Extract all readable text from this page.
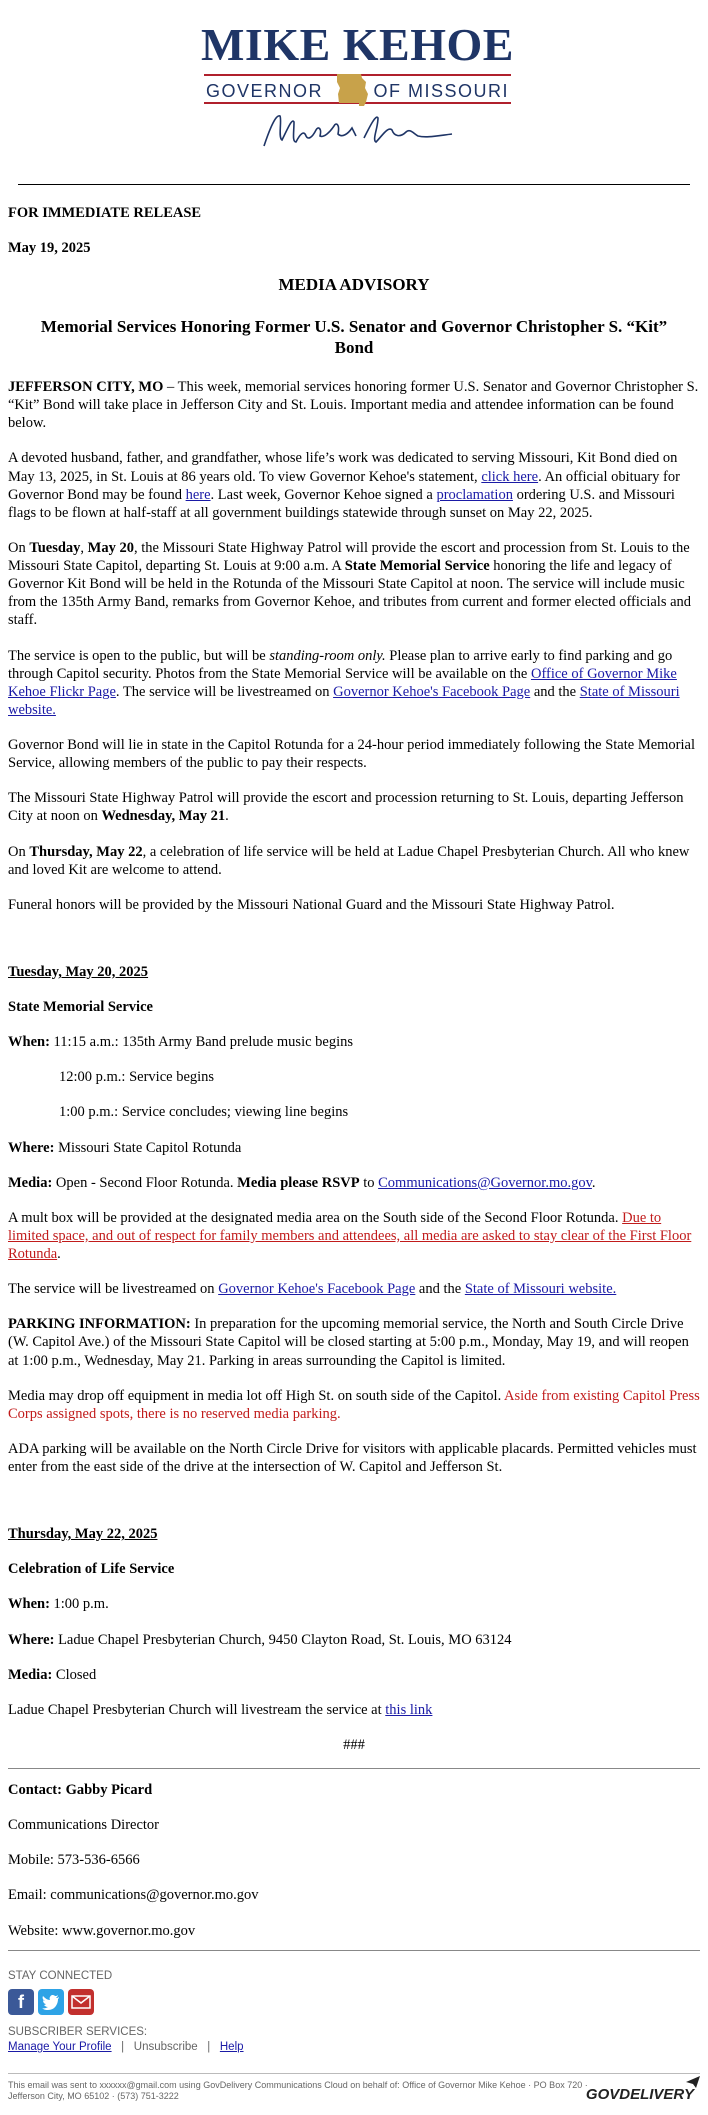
MIKE KEHOE
GOVERNOR	OF MISSOURI

FOR IMMEDIATE RELEASE

May 19, 2025

MEDIA ADVISORY
Memorial Services Honoring Former U.S. Senator and Governor Christopher S. “Kit” Bond

JEFFERSON CITY, MO – This week, memorial services honoring former U.S. Senator and Governor Christopher S. “Kit” Bond will take place in Jefferson City and St. Louis. Important media and attendee information can be found below.

A devoted husband, father, and grandfather, whose life’s work was dedicated to serving Missouri, Kit Bond died on May 13, 2025, in St. Louis at 86 years old. To view Governor Kehoe's statement, click here. An official obituary for Governor Bond may be found here. Last week, Governor Kehoe signed a proclamation ordering U.S. and Missouri flags to be flown at half-staff at all government buildings statewide through sunset on May 22, 2025.

On Tuesday, May 20, the Missouri State Highway Patrol will provide the escort and procession from St. Louis to the Missouri State Capitol, departing St. Louis at 9:00 a.m. A State Memorial Service honoring the life and legacy of Governor Kit Bond will be held in the Rotunda of the Missouri State Capitol at noon. The service will include music from the 135th Army Band, remarks from Governor Kehoe, and tributes from current and former elected officials and staff.

The service is open to the public, but will be standing-room only. Please plan to arrive early to find parking and go through Capitol security. Photos from the State Memorial Service will be available on the Office of Governor Mike Kehoe Flickr Page. The service will be livestreamed on Governor Kehoe's Facebook Page and the State of Missouri website.

Governor Bond will lie in state in the Capitol Rotunda for a 24-hour period immediately following the State Memorial Service, allowing members of the public to pay their respects.

The Missouri State Highway Patrol will provide the escort and procession returning to St. Louis, departing Jefferson City at noon on Wednesday, May 21.

On Thursday, May 22, a celebration of life service will be held at Ladue Chapel Presbyterian Church. All who knew and loved Kit are welcome to attend.

Funeral honors will be provided by the Missouri National Guard and the Missouri State Highway Patrol.

Tuesday, May 20, 2025

State Memorial Service

When: 11:15 a.m.: 135th Army Band prelude music begins

12:00 p.m.: Service begins

1:00 p.m.: Service concludes; viewing line begins

Where: Missouri State Capitol Rotunda

Media: Open - Second Floor Rotunda. Media please RSVP to Communications@Governor.mo.gov.

A mult box will be provided at the designated media area on the South side of the Second Floor Rotunda. Due to limited space, and out of respect for family members and attendees, all media are asked to stay clear of the First Floor Rotunda.

The service will be livestreamed on Governor Kehoe's Facebook Page and the State of Missouri website.

PARKING INFORMATION: In preparation for the upcoming memorial service, the North and South Circle Drive (W. Capitol Ave.) of the Missouri State Capitol will be closed starting at 5:00 p.m., Monday, May 19, and will reopen at 1:00 p.m., Wednesday, May 21. Parking in areas surrounding the Capitol is limited.

Media may drop off equipment in media lot off High St. on south side of the Capitol. Aside from existing Capitol Press Corps assigned spots, there is no reserved media parking.

ADA parking will be available on the North Circle Drive for visitors with applicable placards. Permitted vehicles must enter from the east side of the drive at the intersection of W. Capitol and Jefferson St.

Thursday, May 22, 2025

Celebration of Life Service

When: 1:00 p.m.

Where: Ladue Chapel Presbyterian Church, 9450 Clayton Road, St. Louis, MO 63124

Media: Closed

Ladue Chapel Presbyterian Church will livestream the service at this link

###

Contact: Gabby Picard

Communications Director

Mobile: 573-536-6566

Email: communications@governor.mo.gov

Website: www.governor.mo.gov

STAY CONNECTED
f
SUBSCRIBER SERVICES:
Manage Your Profile   |   Unsubscribe   |   Help
This email was sent to xxxxxx@gmail.com using GovDelivery Communications Cloud on behalf of: Office of Governor Mike Kehoe · PO Box 720 · Jefferson City, MO 65102 · (573) 751-3222	GOVDELIVERY
